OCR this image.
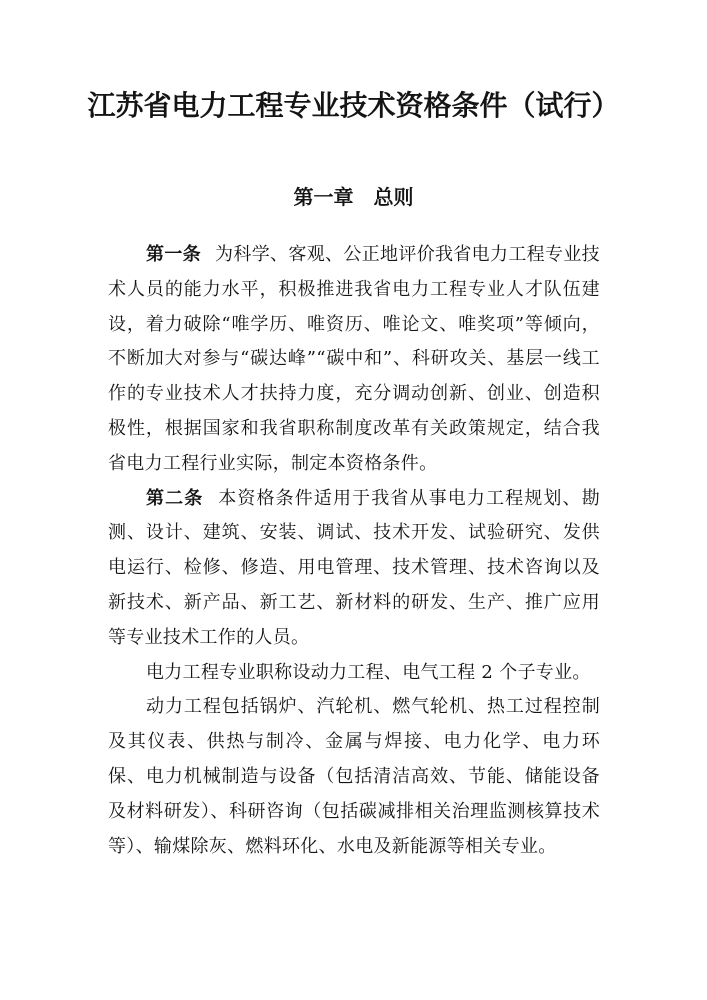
江苏省电力工程专业技术资格条件（试行）
第一章　总则

第一条 为科学、客观、公正地评价我省电力工程专业技术人员的能力水平，积极推进我省电力工程专业人才队伍建设，着力破除“唯学历、唯资历、唯论文、唯奖项”等倾向，不断加大对参与“碳达峰”“碳中和”、科研攻关、基层一线工作的专业技术人才扶持力度，充分调动创新、创业、创造积极性，根据国家和我省职称制度改革有关政策规定，结合我省电力工程行业实际，制定本资格条件。

第二条 本资格条件适用于我省从事电力工程规划、勘测、设计、建筑、安装、调试、技术开发、试验研究、发供电运行、检修、修造、用电管理、技术管理、技术咨询以及新技术、新产品、新工艺、新材料的研发、生产、推广应用等专业技术工作的人员。

电力工程专业职称设动力工程、电气工程 2 个子专业。

动力工程包括锅炉、汽轮机、燃气轮机、热工过程控制及其仪表、供热与制冷、金属与焊接、电力化学、电力环保、电力机械制造与设备（包括清洁高效、节能、储能设备及材料研发）、科研咨询（包括碳减排相关治理监测核算技术等）、输煤除灰、燃料环化、水电及新能源等相关专业。
